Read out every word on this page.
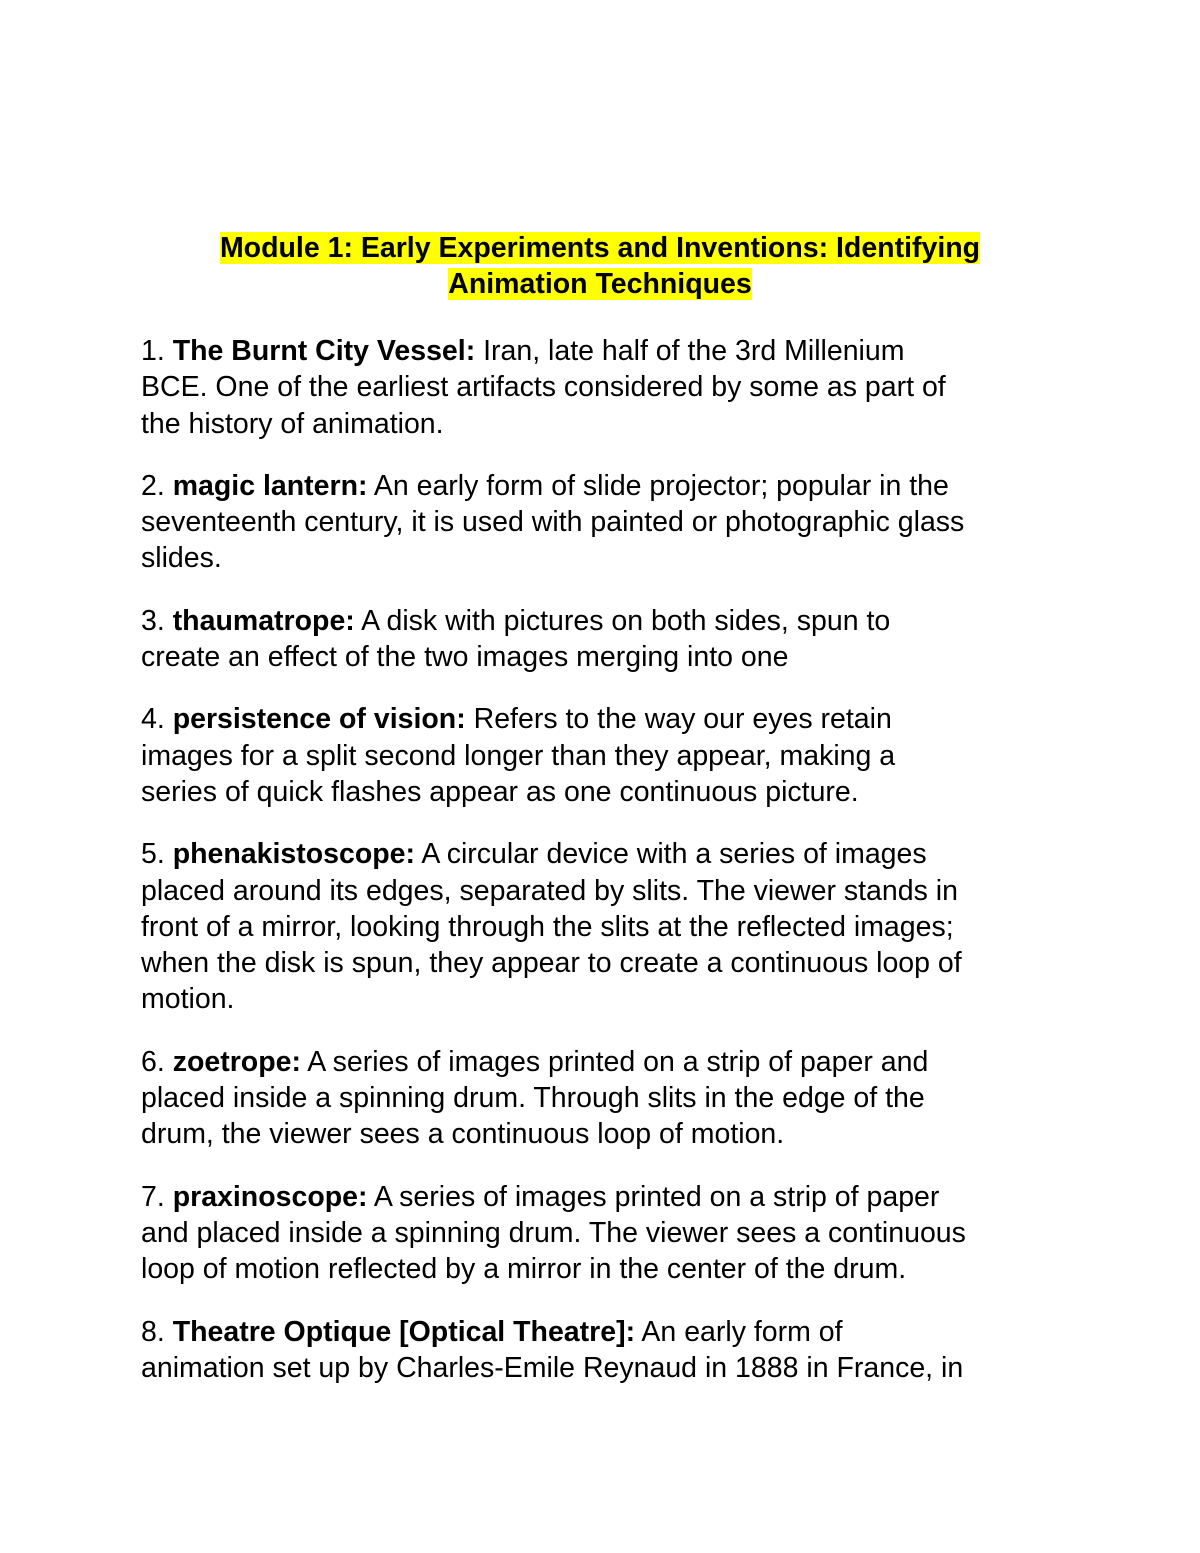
Module 1: Early Experiments and Inventions: Identifying
Animation Techniques
1. The Burnt City Vessel: Iran, late half of the 3rd Millenium
BCE. One of the earliest artifacts considered by some as part of
the history of animation.
2. magic lantern: An early form of slide projector; popular in the
seventeenth century, it is used with painted or photographic glass
slides.
3. thaumatrope: A disk with pictures on both sides, spun to
create an effect of the two images merging into one
4. persistence of vision: Refers to the way our eyes retain
images for a split second longer than they appear, making a
series of quick flashes appear as one continuous picture.
5. phenakistoscope: A circular device with a series of images
placed around its edges, separated by slits. The viewer stands in
front of a mirror, looking through the slits at the reflected images;
when the disk is spun, they appear to create a continuous loop of
motion.
6. zoetrope: A series of images printed on a strip of paper and
placed inside a spinning drum. Through slits in the edge of the
drum, the viewer sees a continuous loop of motion.
7. praxinoscope: A series of images printed on a strip of paper
and placed inside a spinning drum. The viewer sees a continuous
loop of motion reflected by a mirror in the center of the drum.
8. Theatre Optique [Optical Theatre]: An early form of
animation set up by Charles-Emile Reynaud in 1888 in France, in
